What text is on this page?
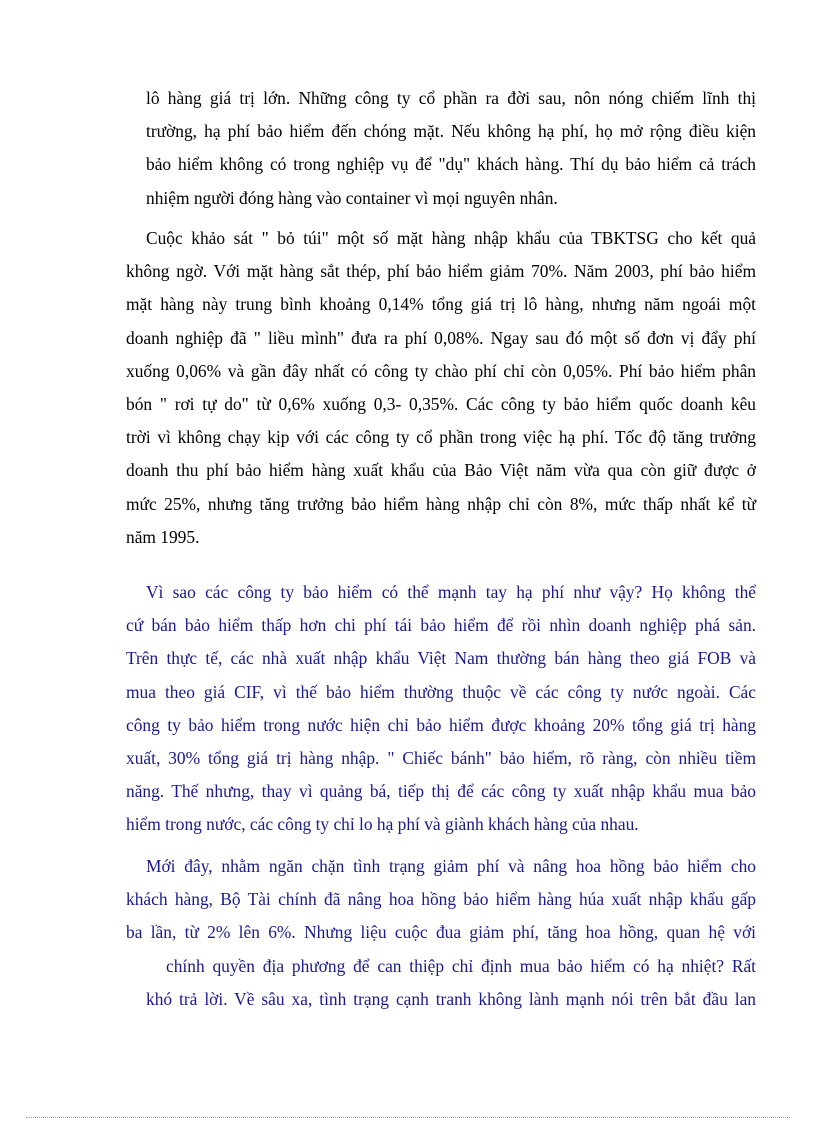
lô hàng giá trị lớn. Những công ty cổ phần ra đời sau, nôn nóng chiếm lĩnh thị
trường, hạ phí bảo hiểm đến chóng mặt. Nếu không hạ phí, họ mở rộng điều kiện
bảo hiểm không có trong nghiệp vụ để "dụ" khách hàng. Thí dụ bảo hiểm cả trách
nhiệm người đóng hàng vào container vì mọi nguyên nhân.
Cuộc khảo sát " bỏ túi" một số mặt hàng nhập khẩu của TBKTSG cho kết quả
không ngờ. Với mặt hàng sắt thép, phí bảo hiểm giảm 70%. Năm 2003, phí bảo hiểm
mặt hàng này trung bình khoảng 0,14% tổng giá trị lô hàng, nhưng năm ngoái một
doanh nghiệp đã " liều mình" đưa ra phí 0,08%. Ngay sau đó một số đơn vị đẩy phí
xuống 0,06% và gần đây nhất có công ty chào phí chỉ còn 0,05%. Phí bảo hiểm phân
bón " rơi tự do" từ 0,6% xuống 0,3- 0,35%. Các công ty bảo hiểm quốc doanh kêu
trời vì không chạy kịp với các công ty cổ phần trong việc hạ phí. Tốc độ tăng trưởng
doanh thu phí bảo hiểm hàng xuất khẩu của Bảo Việt năm vừa qua còn giữ được ở
mức 25%, nhưng tăng trưởng bảo hiểm hàng nhập chỉ còn 8%, mức thấp nhất kể từ
năm 1995.
Vì sao các công ty bảo hiểm có thể mạnh tay hạ phí như vậy? Họ không thể
cứ bán bảo hiểm thấp hơn chi phí tái bảo hiểm để rồi nhìn doanh nghiệp phá sản.
Trên thực tế, các nhà xuất nhập khẩu Việt Nam thường bán hàng theo giá FOB và
mua theo giá CIF, vì thế bảo hiểm thường thuộc về các công ty nước ngoài. Các
công ty bảo hiểm trong nước hiện chỉ bảo hiểm được khoảng 20% tổng giá trị hàng
xuất, 30% tổng giá trị hàng nhập. " Chiếc bánh" bảo hiểm, rõ ràng, còn nhiều tiềm
năng. Thế nhưng, thay vì quảng bá, tiếp thị để các công ty xuất nhập khẩu mua bảo
hiểm trong nước, các công ty chỉ lo hạ phí và giành khách hàng của nhau.
Mới đây, nhằm ngăn chặn tình trạng giảm phí và nâng hoa hồng bảo hiểm cho
khách hàng, Bộ Tài chính đã nâng hoa hồng bảo hiểm hàng húa xuất nhập khẩu gấp
ba lần, từ 2% lên 6%. Nhưng liệu cuộc đua giảm phí, tăng hoa hồng, quan hệ với
chính quyền địa phương để can thiệp chỉ định mua bảo hiểm có hạ nhiệt? Rất
khó trả lời. Về sâu xa, tình trạng cạnh tranh không lành mạnh nói trên bắt đầu lan
